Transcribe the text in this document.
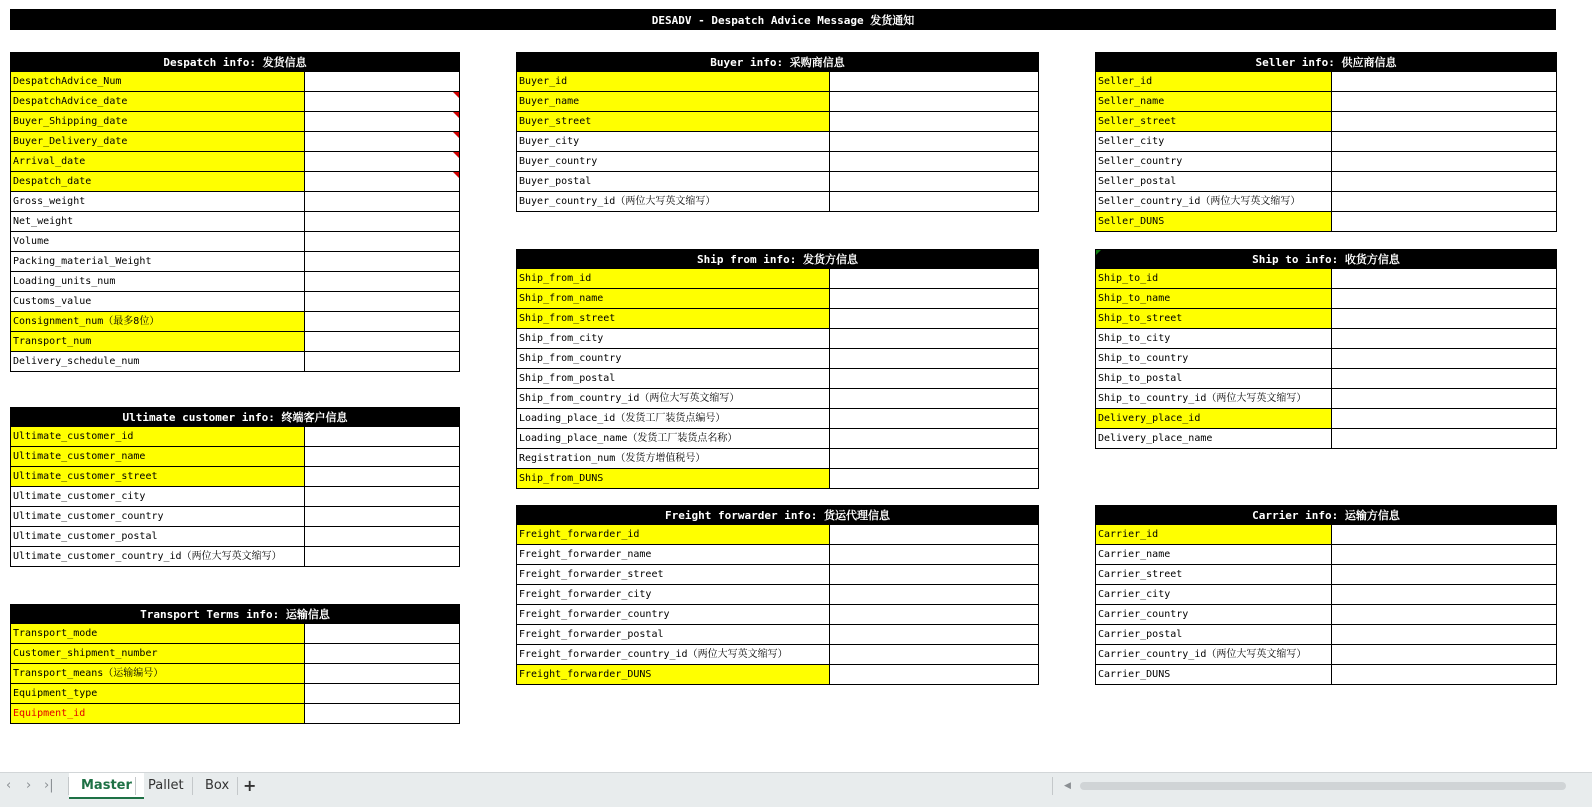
DESADV - Despatch Advice Message 发货通知
Despatch info: 发货信息
DespatchAdvice_Num
DespatchAdvice_date
Buyer_Shipping_date
Buyer_Delivery_date
Arrival_date
Despatch_date
Gross_weight
Net_weight
Volume
Packing_material_Weight
Loading_units_num
Customs_value
Consignment_num（最多8位）
Transport_num
Delivery_schedule_num
Ultimate customer info: 终端客户信息
Ultimate_customer_id
Ultimate_customer_name
Ultimate_customer_street
Ultimate_customer_city
Ultimate_customer_country
Ultimate_customer_postal
Ultimate_customer_country_id（两位大写英文缩写）
Transport Terms info: 运输信息
Transport_mode
Customer_shipment_number
Transport_means（运输编号）
Equipment_type
Equipment_id
Buyer info: 采购商信息
Buyer_id
Buyer_name
Buyer_street
Buyer_city
Buyer_country
Buyer_postal
Buyer_country_id（两位大写英文缩写）
Ship from info: 发货方信息
Ship_from_id
Ship_from_name
Ship_from_street
Ship_from_city
Ship_from_country
Ship_from_postal
Ship_from_country_id（两位大写英文缩写）
Loading_place_id（发货工厂装货点编号）
Loading_place_name（发货工厂装货点名称）
Registration_num（发货方增值税号）
Ship_from_DUNS
Freight forwarder info: 货运代理信息
Freight_forwarder_id
Freight_forwarder_name
Freight_forwarder_street
Freight_forwarder_city
Freight_forwarder_country
Freight_forwarder_postal
Freight_forwarder_country_id（两位大写英文缩写）
Freight_forwarder_DUNS
Seller info: 供应商信息
Seller_id
Seller_name
Seller_street
Seller_city
Seller_country
Seller_postal
Seller_country_id（两位大写英文缩写）
Seller_DUNS
Ship to info: 收货方信息
Ship_to_id
Ship_to_name
Ship_to_street
Ship_to_city
Ship_to_country
Ship_to_postal
Ship_to_country_id（两位大写英文缩写）
Delivery_place_id
Delivery_place_name
Carrier info: 运输方信息
Carrier_id
Carrier_name
Carrier_street
Carrier_city
Carrier_country
Carrier_postal
Carrier_country_id（两位大写英文缩写）
Carrier_DUNS
‹ › ›|	Master	Pallet	Box +	◀
